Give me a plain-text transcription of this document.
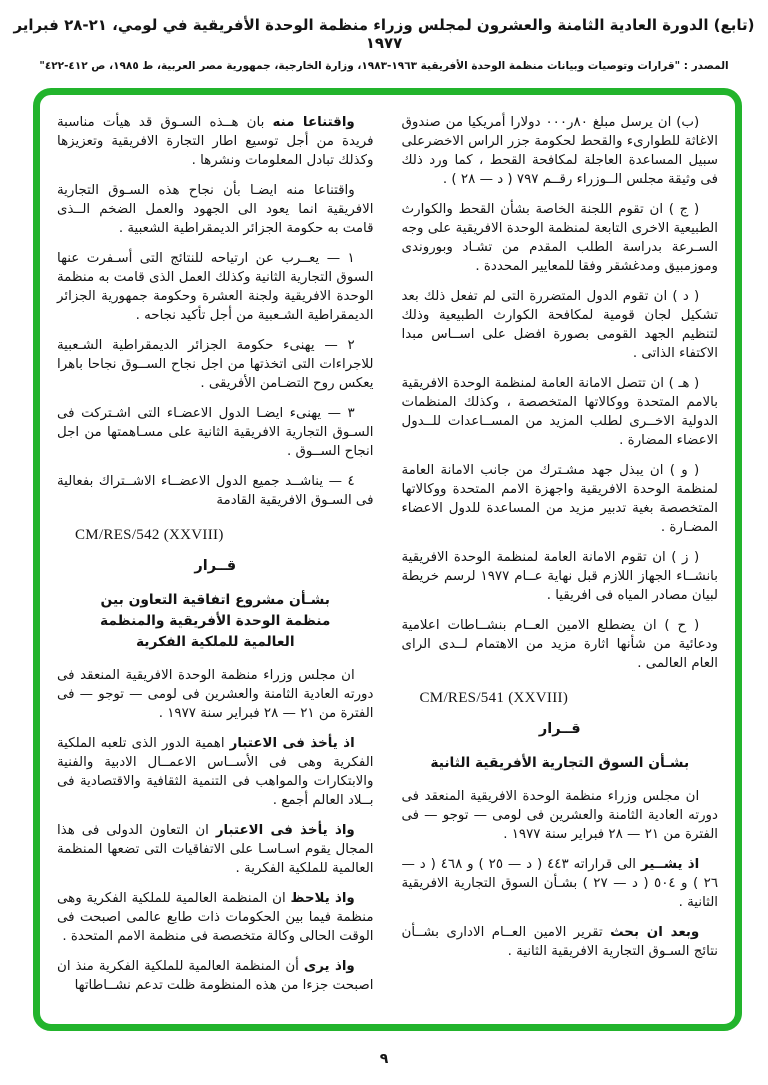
(تابع) الدورة العادية الثامنة والعشرون لمجلس وزراء منظمة الوحدة الأفريقية في لومي، ٢١-٢٨ فبراير ١٩٧٧
المصدر : "قرارات وتوصيات وبيانات منظمة الوحدة الأفريقية ١٩٦٣-١٩٨٣، وزارة الخارجية، جمهورية مصر العربية، ط ١٩٨٥، ص ٤١٢-٤٢٢"

(ب) ان يرسل مبلغ ٨٠ر٠٠٠ دولارا أمريكيا من صندوق الاغاثة للطوارىء والقحط لحكومة جزر الراس الاخضرعلى سبيل المساعدة العاجلة لمكافحة القحط ، كما ورد ذلك فى وثيقة مجلس الــوزراء رقــم ٧٩٧ ( د — ٢٨ ) .

( ج ) ان تقوم اللجنة الخاصة بشأن القحط والكوارث الطبيعية الاخرى التابعة لمنظمة الوحدة الافريقية على وجه السـرعة بدراسة الطلب المقدم من تشـاد وبوروندى وموزمبيق ومدغشقر وفقا للمعايير المحددة .

( د ) ان تقوم الدول المتضررة التى لم تفعل ذلك بعد تشكيل لجان قومية لمكافحة الكوارث الطبيعية وذلك لتنظيم الجهد القومى بصورة افضل على اســاس مبدا الاكتفاء الذاتى .

( هـ ) ان تتصل الامانة العامة لمنظمة الوحدة الافريقية بالامم المتحدة ووكالاتها المتخصصة ، وكذلك المنظمات الدولية الاخــرى لطلب المزيد من المســاعدات للــدول الاعضاء المضارة .

( و ) ان يبذل جهد مشـترك من جانب الامانة العامة لمنظمة الوحدة الافريقية واجهزة الامم المتحدة ووكالاتها المتخصصة بغية تدبير مزيد من المساعدة للدول الاعضاء المضـارة .

( ز ) ان تقوم الامانة العامة لمنظمة الوحدة الافريقية بانشــاء الجهاز اللازم قبل نهاية عــام ١٩٧٧ لرسم خريطة لبيان مصادر المياه فى افريقيا .

( ح ) ان يضطلع الامين العــام بنشــاطات اعلامية ودعائية من شأنها اثارة مزيد من الاهتمام لــدى الراى العام العالمى .

CM/RES/541 (XXVIII)
قــرار
بشـأن السوق التجارية الأفريقية الثانية

ان مجلس وزراء منظمة الوحدة الافريقية المنعقد فى دورته العادية الثامنة والعشرين فى لومى — توجو — فى الفترة من ٢١ — ٢٨ فبراير سنة ١٩٧٧ .

اذ يشــير الى قراراته ٤٤٣ ( د — ٢٥ ) و ٤٦٨ ( د — ٢٦ ) و ٥٠٤ ( د — ٢٧ ) بشـأن السوق التجارية الافريقية الثانية .

وبعد ان بحث تقرير الامين العــام الادارى بشــأن نتائج السـوق التجارية الافريقية الثانية .

واقتناعا منه بان هــذه السـوق قد هيأت مناسبة فريدة من أجل توسيع اطار التجارة الافريقية وتعزيزها وكذلك تبادل المعلومات ونشرها .

واقتناعا منه ايضـا بأن نجاح هذه السـوق التجارية الافريقية انما يعود الى الجهود والعمل الضخم الــذى قامت به حكومة الجزائر الديمقراطية الشعبية .

١ — يعــرب عن ارتياحه للنتائج التى أسـفرت عنها السوق التجارية الثانية وكذلك العمل الذى قامت به منظمة الوحدة الافريقية ولجنة العشرة وحكومة جمهورية الجزائر الديمقراطية الشـعبية من أجل تأكيد نجاحه .

٢ — يهنىء حكومة الجزائر الديمقراطية الشـعبية للاجراءات التى اتخذتها من اجل نجاح الســوق نجاحا باهرا يعكس روح التضـامن الأفريقى .

٣ — يهنىء ايضـا الدول الاعضـاء التى اشـتركت فى السـوق التجارية الافريقية الثانية على مسـاهمتها من اجل انجاح الســوق .

٤ — يناشــد جميع الدول الاعضــاء الاشــتراك بفعالية فى السـوق الافريقية القادمة

CM/RES/542 (XXVIII)
قــرار
بشـأن مشروع اتفاقية التعاون بين
منظمة الوحدة الأفريقية والمنظمة
العالمية للملكية الفكرية

ان مجلس وزراء منظمة الوحدة الافريقية المنعقد فى دورته العادية الثامنة والعشرين فى لومى — توجو — فى الفترة من ٢١ — ٢٨ فبراير سنة ١٩٧٧ .

اذ يأخذ فى الاعتبار اهمية الدور الذى تلعبه الملكية الفكرية وهى فى الأســاس الاعمــال الادبية والفنية والابتكارات والمواهب فى التنمية الثقافية والاقتصادية فى بــلاد العالم أجمع .

واذ يأخذ فى الاعتبار ان التعاون الدولى فى هذا المجال يقوم اسـاسـا على الاتفاقيات التى تضعها المنظمة العالمية للملكية الفكرية .

واذ يلاحظ ان المنظمة العالمية للملكية الفكرية وهى منظمة فيما بين الحكومات ذات طابع عالمى اصبحت فى الوقت الحالى وكالة متخصصة فى منظمة الامم المتحدة .

واذ يرى أن المنظمة العالمية للملكية الفكرية منذ ان اصبحت جزءا من هذه المنظومة ظلت تدعم نشــاطاتها

٩
